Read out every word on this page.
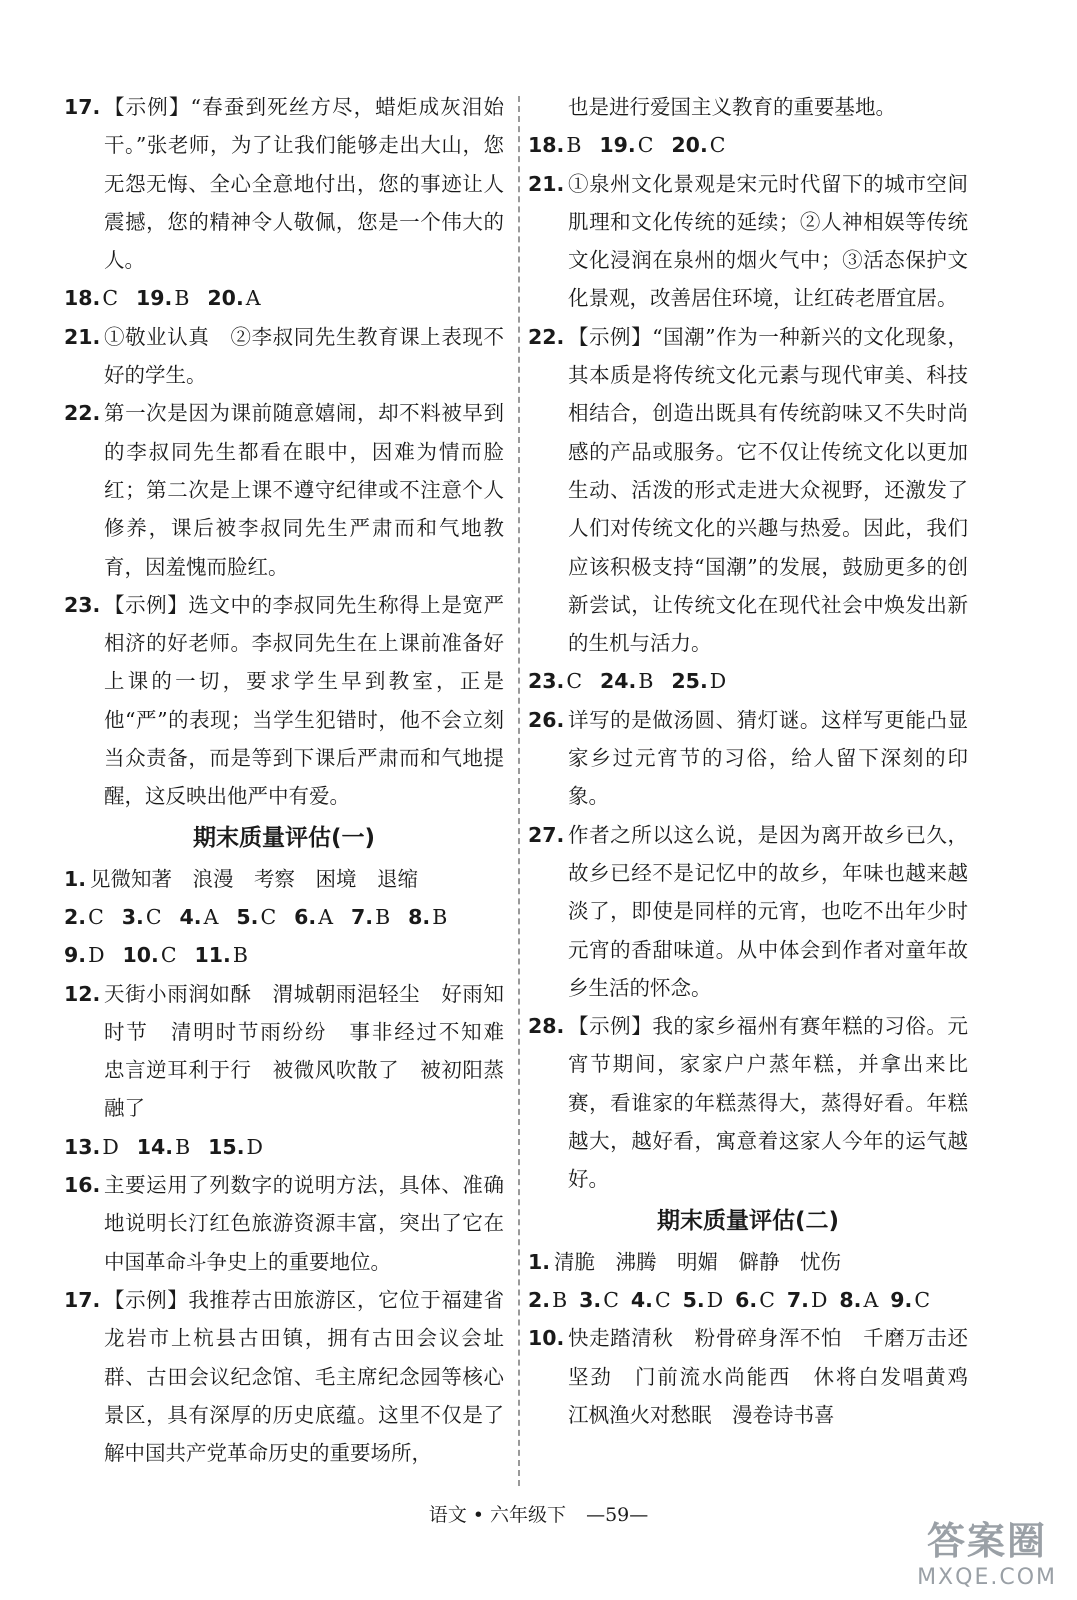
17. 【示例】“春蚕到死丝方尽，蜡炬成灰泪始干。”张老师，为了让我们能够走出大山，您无怨无悔、全心全意地付出，您的事迹让人震撼，您的精神令人敬佩，您是一个伟大的人。
18.C 19.B 20.A
21. ①敬业认真　②李叔同先生教育课上表现不好的学生。
22. 第一次是因为课前随意嬉闹，却不料被早到的李叔同先生都看在眼中，因难为情而脸红；第二次是上课不遵守纪律或不注意个人修养，课后被李叔同先生严肃而和气地教育，因羞愧而脸红。
23. 【示例】选文中的李叔同先生称得上是宽严相济的好老师。李叔同先生在上课前准备好上课的一切，要求学生早到教室，正是他“严”的表现；当学生犯错时，他不会立刻当众责备，而是等到下课后严肃而和气地提醒，这反映出他严中有爱。
期末质量评估(一)
1. 见微知著　浪漫　考察　困境　退缩
2.C 3.C 4.A 5.C 6.A 7.B 8.B
9.D 10.C 11.B
12. 天街小雨润如酥　渭城朝雨浥轻尘　好雨知时节　清明时节雨纷纷　事非经过不知难　忠言逆耳利于行　被微风吹散了　被初阳蒸融了
13.D 14.B 15.D
16. 主要运用了列数字的说明方法，具体、准确地说明长汀红色旅游资源丰富，突出了它在中国革命斗争史上的重要地位。
17. 【示例】我推荐古田旅游区，它位于福建省龙岩市上杭县古田镇，拥有古田会议会址群、古田会议纪念馆、毛主席纪念园等核心景区，具有深厚的历史底蕴。这里不仅是了解中国共产党革命历史的重要场所，
也是进行爱国主义教育的重要基地。
18.B 19.C 20.C
21. ①泉州文化景观是宋元时代留下的城市空间肌理和文化传统的延续；②人神相娱等传统文化浸润在泉州的烟火气中；③活态保护文化景观，改善居住环境，让红砖老厝宜居。
22. 【示例】“国潮”作为一种新兴的文化现象，其本质是将传统文化元素与现代审美、科技相结合，创造出既具有传统韵味又不失时尚感的产品或服务。它不仅让传统文化以更加生动、活泼的形式走进大众视野，还激发了人们对传统文化的兴趣与热爱。因此，我们应该积极支持“国潮”的发展，鼓励更多的创新尝试，让传统文化在现代社会中焕发出新的生机与活力。
23.C 24.B 25.D
26. 详写的是做汤圆、猜灯谜。这样写更能凸显家乡过元宵节的习俗，给人留下深刻的印象。
27. 作者之所以这么说，是因为离开故乡已久，故乡已经不是记忆中的故乡，年味也越来越淡了，即使是同样的元宵，也吃不出年少时元宵的香甜味道。从中体会到作者对童年故乡生活的怀念。
28. 【示例】我的家乡福州有赛年糕的习俗。元宵节期间，家家户户蒸年糕，并拿出来比赛，看谁家的年糕蒸得大，蒸得好看。年糕越大，越好看，寓意着这家人今年的运气越好。
期末质量评估(二)
1. 清脆　沸腾　明媚　僻静　忧伤
2.B 3.C 4.C 5.D 6.C 7.D 8.A 9.C
10. 快走踏清秋　粉骨碎身浑不怕　千磨万击还坚劲　门前流水尚能西　休将白发唱黄鸡　江枫渔火对愁眠　漫卷诗书喜
语文 • 六年级下 —59—
答案圈
MXQE.COM
